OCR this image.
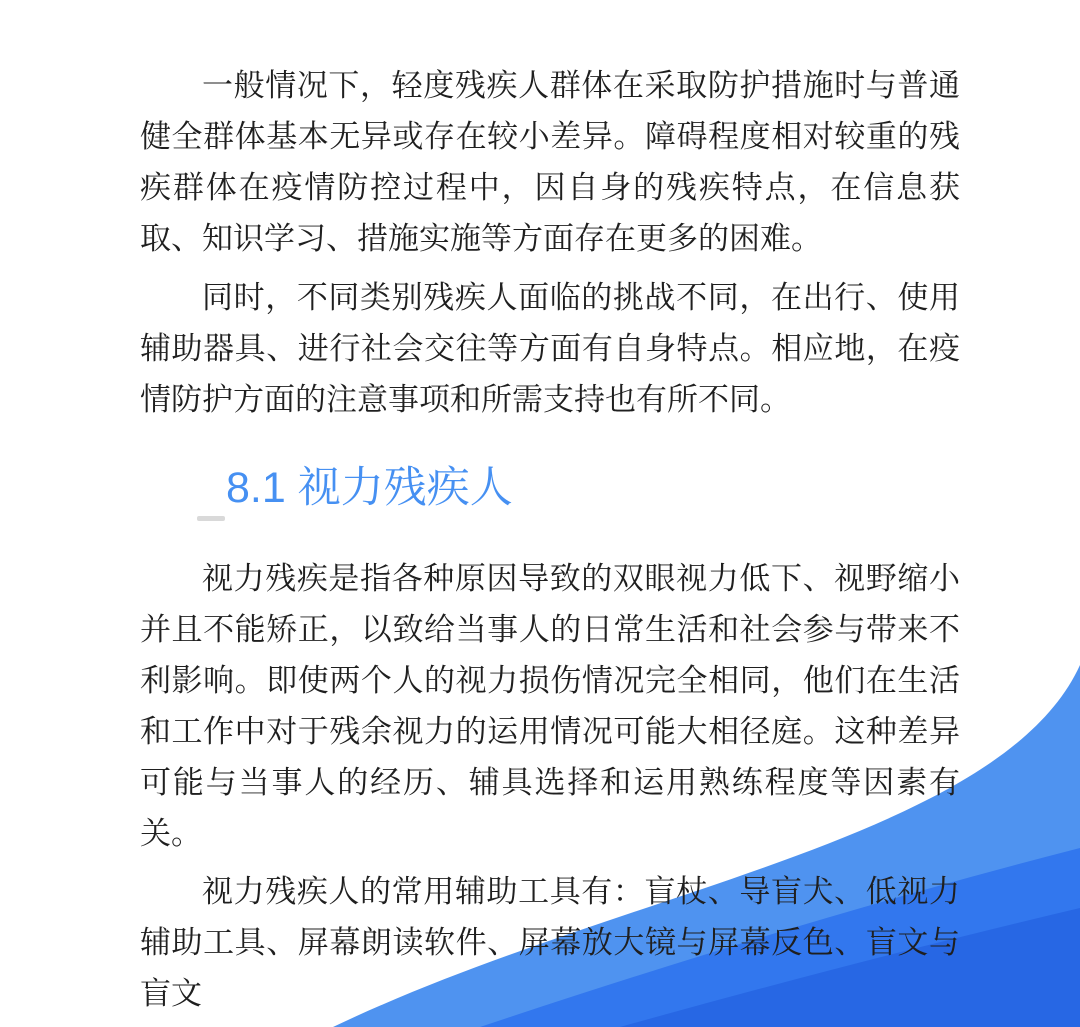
一般情况下，轻度残疾人群体在采取防护措施时与普通健全群体基本无异或存在较小差异。障碍程度相对较重的残疾群体在疫情防控过程中，因自身的残疾特点，在信息获取、知识学习、措施实施等方面存在更多的困难。

同时，不同类别残疾人面临的挑战不同，在出行、使用辅助器具、进行社会交往等方面有自身特点。相应地，在疫情防护方面的注意事项和所需支持也有所不同。

8.1 视力残疾人

视力残疾是指各种原因导致的双眼视力低下、视野缩小并且不能矫正，以致给当事人的日常生活和社会参与带来不利影响。即使两个人的视力损伤情况完全相同，他们在生活和工作中对于残余视力的运用情况可能大相径庭。这种差异可能与当事人的经历、辅具选择和运用熟练程度等因素有关。

视力残疾人的常用辅助工具有：盲杖、导盲犬、低视力辅助工具、屏幕朗读软件、屏幕放大镜与屏幕反色、盲文与盲文
